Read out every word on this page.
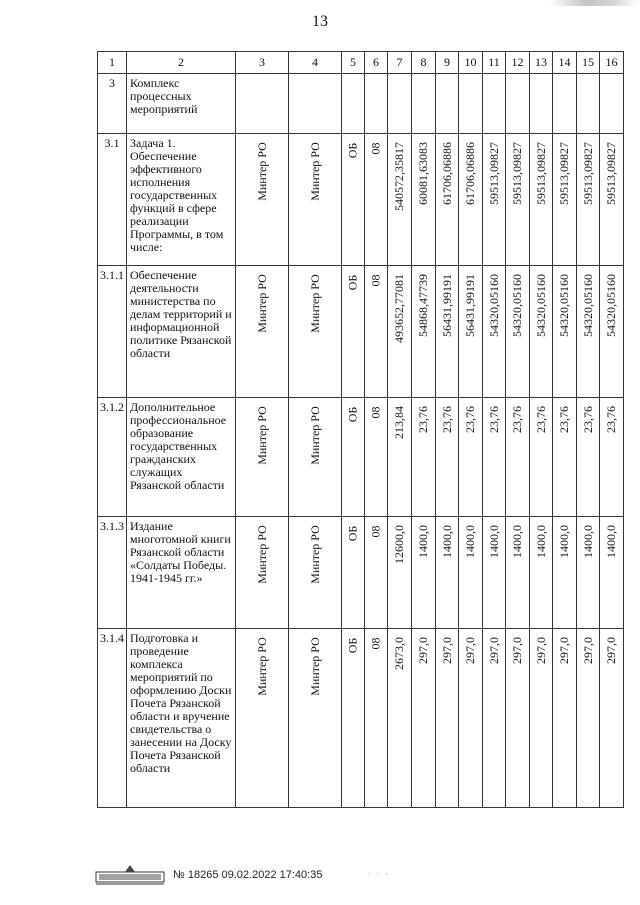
13
1	2	3	4	5	6	7	8	9	10	11	12	13	14	15	16
3	Комплекс процессных мероприятий														
3.1	Задача 1. Обеспечение эффективного исполнения государственных функций в сфере реализации Программы, в том числе:	Минтер РО	Минтер РО	ОБ	08	540572,35817	60081,63083	61706,06886	61706,06886	59513,09827	59513,09827	59513,09827	59513,09827	59513,09827	59513,09827

3.1.1	Обеспечение деятельности министерства по делам территорий и информационной политике Рязанской области	Минтер РО	Минтер РО	ОБ	08	493652,77081	54868,47739	56431,99191	56431,99191	54320,05160	54320,05160	54320,05160	54320,05160	54320,05160	54320,05160

3.1.2	Дополнительное профессиональное образование государственных гражданских служащих Рязанской области	Минтер РО	Минтер РО	ОБ	08	213,84	23,76	23,76	23,76	23,76	23,76	23,76	23,76	23,76	23,76

3.1.3	Издание многотомной книги Рязанской области «Солдаты Победы. 1941-1945 гг.»	Минтер РО	Минтер РО	ОБ	08	12600,0	1400,0	1400,0	1400,0	1400,0	1400,0	1400,0	1400,0	1400,0	1400,0

3.1.4	Подготовка и проведение комплекса мероприятий по оформлению Доски Почета Рязанской области и вручение свидетельства о занесении на Доску Почета Рязанской области	Минтер РО	Минтер РО	ОБ	08	2673,0	297,0	297,0	297,0	297,0	297,0	297,0	297,0	297,0	297,0
№ 18265 09.02.2022 17:40:35	· · ·
